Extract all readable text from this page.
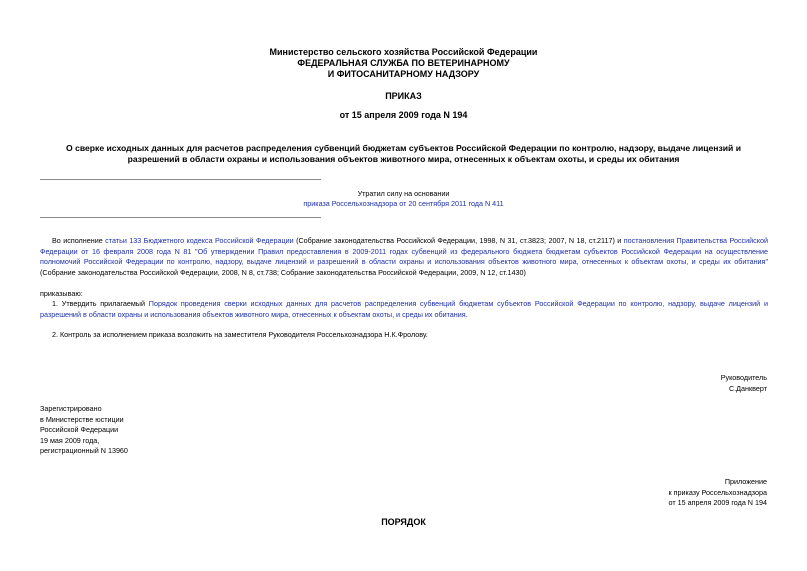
Министерство сельского хозяйства Российской Федерации
ФЕДЕРАЛЬНАЯ СЛУЖБА ПО ВЕТЕРИНАРНОМУ
И ФИТОСАНИТАРНОМУ НАДЗОРУ
ПРИКАЗ
от 15 апреля 2009 года N 194
О сверке исходных данных для расчетов распределения субвенций бюджетам субъектов Российской Федерации по контролю, надзору, выдаче лицензий и
разрешений в области охраны и использования объектов животного мира, отнесенных к объектам охоты, и среды их обитания
Утратил силу на основании
приказа Россельхознадзора от 20 сентября 2011 года N 411
Во исполнение статьи 133 Бюджетного кодекса Российской Федерации (Собрание законодательства Российской Федерации, 1998, N 31, ст.3823; 2007, N 18, ст.2117) и постановления Правительства Российской Федерации от 16 февраля 2008 года N 81 "Об утверждении Правил предоставления в 2009-2011 годах субвенций из федерального бюджета бюджетам субъектов Российской Федерации на осуществление полномочий Российской Федерации по контролю, надзору, выдаче лицензий и разрешений в области охраны и использования объектов животного мира, отнесенных к объектам охоты, и среды их обитания" (Собрание законодательства Российской Федерации, 2008, N 8, ст.738; Собрание законодательства Российской Федерации, 2009, N 12, ст.1430)
приказываю:
1. Утвердить прилагаемый Порядок проведения сверки исходных данных для расчетов распределения субвенций бюджетам субъектов Российской Федерации по контролю, надзору, выдаче лицензий и разрешений в области охраны и использования объектов животного мира, отнесенных к объектам охоты, и среды их обитания.
2. Контроль за исполнением приказа возложить на заместителя Руководителя Россельхознадзора Н.К.Фролову.
Руководитель
С.Данкверт
Зарегистрировано
в Министерстве юстиции
Российской Федерации
19 мая 2009 года,
регистрационный N 13960
Приложение
к приказу Россельхознадзора
от 15 апреля 2009 года N 194
ПОРЯДОК
